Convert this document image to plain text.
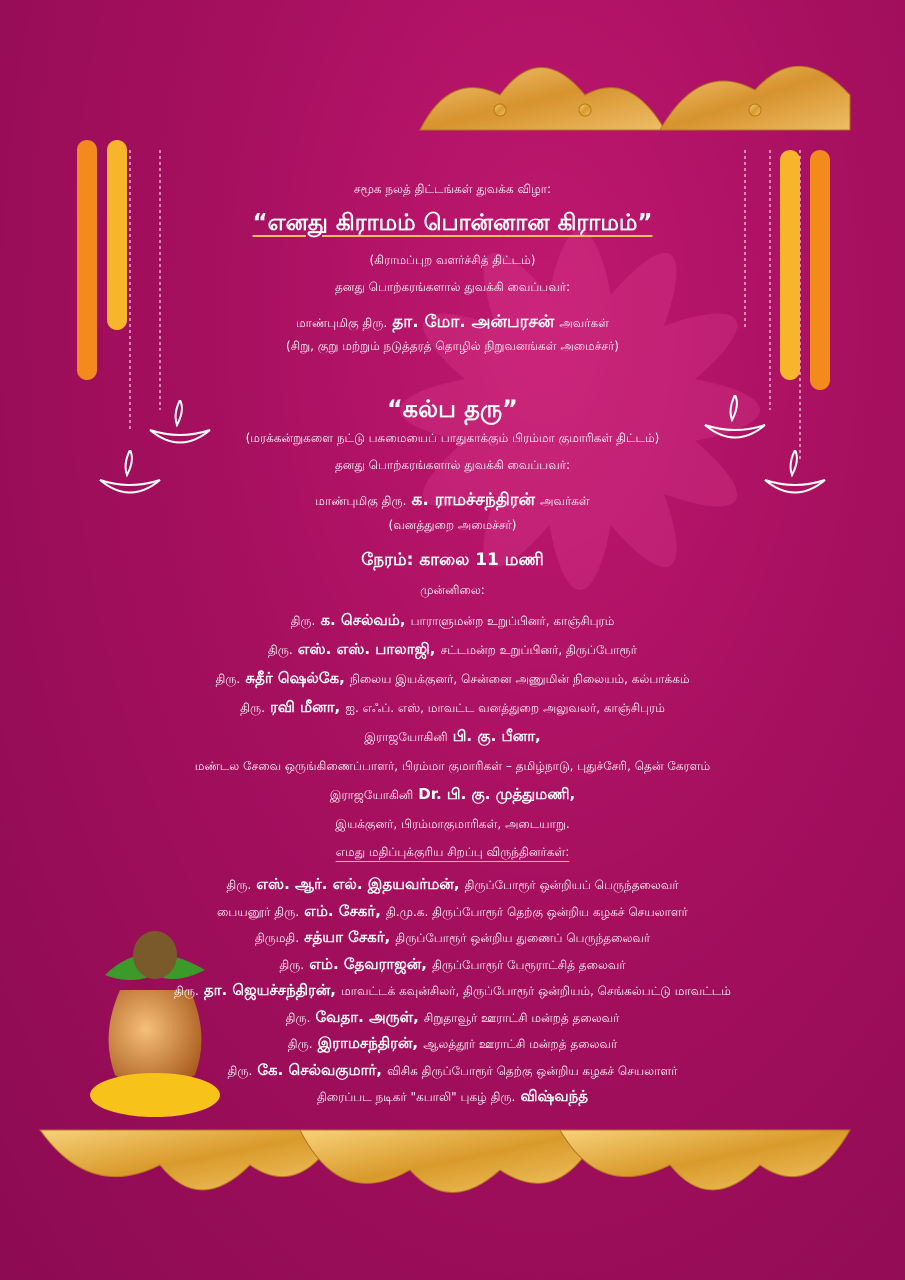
சமூக நலத் திட்டங்கள் துவக்க விழா:
“எனது கிராமம் பொன்னான கிராமம்”
(கிராமப்புற வளர்ச்சித் திட்டம்)
தனது பொற்கரங்களால் துவக்கி வைப்பவர்:
மாண்புமிகு திரு. தா. மோ. அன்பரசன் அவர்கள்
(சிறு, குறு மற்றும் நடுத்தரத் தொழில் நிறுவனங்கள் அமைச்சர்)
“கல்ப தரு”
(மரக்கன்றுகளை நட்டு பசுமையைப் பாதுகாக்கும் பிரம்மா குமாரிகள் திட்டம்)
தனது பொற்கரங்களால் துவக்கி வைப்பவர்:
மாண்புமிகு திரு. க. ராமச்சந்திரன் அவர்கள்
(வனத்துறை அமைச்சர்)
நேரம்: காலை 11 மணி
முன்னிலை:
திரு. க. செல்வம், பாராளுமன்ற உறுப்பினர், காஞ்சிபுரம்
திரு. எஸ். எஸ். பாலாஜி, சட்டமன்ற உறுப்பினர், திருப்போரூர்
திரு. சுதீர் ஷெல்கே, நிலைய இயக்குனர், சென்னை அணுமின் நிலையம், கல்பாக்கம்
திரு. ரவி மீனா, ஐ. எஃப். எஸ், மாவட்ட வனத்துறை அலுவலர், காஞ்சிபுரம்
இராஜயோகினி பி. கு. பீனா,
மண்டல சேவை ஒருங்கிணைப்பாளர், பிரம்மா குமாரிகள் – தமிழ்நாடு, புதுச்சேரி, தென் கேரளம்
இராஜயோகினி Dr. பி. கு. முத்துமணி,
இயக்குனர், பிரம்மாகுமாரிகள், அடையாறு.
எமது மதிப்புக்குரிய சிறப்பு விருந்தினர்கள்:
திரு. எஸ். ஆர். எல். இதயவர்மன், திருப்போரூர் ஒன்றியப் பெருந்தலைவர்
பையனூர் திரு. எம். சேகர், தி.மு.க. திருப்போரூர் தெற்கு ஒன்றிய கழகச் செயலாளர்
திருமதி. சத்யா சேகர், திருப்போரூர் ஒன்றிய துணைப் பெருந்தலைவர்
திரு. எம். தேவராஜன், திருப்போரூர் பேரூராட்சித் தலைவர்
திரு. தா. ஜெயச்சந்திரன், மாவட்டக் கவுன்சிலர், திருப்போரூர் ஒன்றியம், செங்கல்பட்டு மாவட்டம்
திரு. வேதா. அருள், சிறுதாவூர் ஊராட்சி மன்றத் தலைவர்
திரு. இராமசந்திரன், ஆலத்தூர் ஊராட்சி மன்றத் தலைவர்
திரு. கே. செல்வகுமார், விசிக திருப்போரூர் தெற்கு ஒன்றிய கழகச் செயலாளர்
திரைப்பட நடிகர் "கபாலி" புகழ் திரு. விஷ்வந்த்
